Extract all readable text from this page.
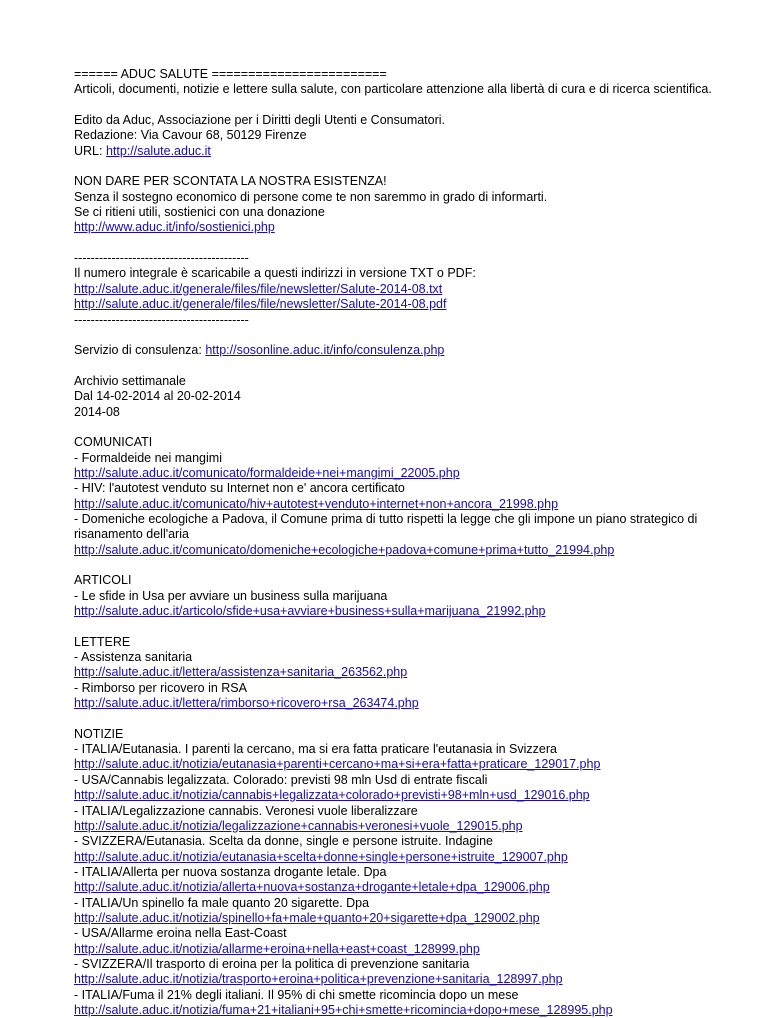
====== ADUC SALUTE ========================
Articoli, documenti, notizie e lettere sulla salute, con particolare attenzione alla libertà di cura e di ricerca scientifica.
Edito da Aduc, Associazione per i Diritti degli Utenti e Consumatori.
Redazione: Via Cavour 68, 50129 Firenze
URL: http://salute.aduc.it
NON DARE PER SCONTATA LA NOSTRA ESISTENZA!
Senza il sostegno economico di persone come te non saremmo in grado di informarti.
Se ci ritieni utili, sostienici con una donazione
http://www.aduc.it/info/sostienici.php
------------------------------------------
Il numero integrale è scaricabile a questi indirizzi in versione TXT o PDF:
http://salute.aduc.it/generale/files/file/newsletter/Salute-2014-08.txt
http://salute.aduc.it/generale/files/file/newsletter/Salute-2014-08.pdf
------------------------------------------
Servizio di consulenza: http://sosonline.aduc.it/info/consulenza.php
Archivio settimanale
Dal 14-02-2014 al 20-02-2014
2014-08
COMUNICATI
- Formaldeide nei mangimi
http://salute.aduc.it/comunicato/formaldeide+nei+mangimi_22005.php
- HIV: l'autotest venduto su Internet non e' ancora certificato
http://salute.aduc.it/comunicato/hiv+autotest+venduto+internet+non+ancora_21998.php
- Domeniche ecologiche a Padova, il Comune prima di tutto rispetti la legge che gli impone un piano strategico di risanamento dell'aria
http://salute.aduc.it/comunicato/domeniche+ecologiche+padova+comune+prima+tutto_21994.php
ARTICOLI
- Le sfide in Usa per avviare un business sulla marijuana
http://salute.aduc.it/articolo/sfide+usa+avviare+business+sulla+marijuana_21992.php
LETTERE
- Assistenza sanitaria
http://salute.aduc.it/lettera/assistenza+sanitaria_263562.php
- Rimborso per ricovero in RSA
http://salute.aduc.it/lettera/rimborso+ricovero+rsa_263474.php
NOTIZIE
- ITALIA/Eutanasia. I parenti la cercano, ma si era fatta praticare l'eutanasia in Svizzera
http://salute.aduc.it/notizia/eutanasia+parenti+cercano+ma+si+era+fatta+praticare_129017.php
- USA/Cannabis legalizzata. Colorado: previsti 98 mln Usd di entrate fiscali
http://salute.aduc.it/notizia/cannabis+legalizzata+colorado+previsti+98+mln+usd_129016.php
- ITALIA/Legalizzazione cannabis. Veronesi vuole liberalizzare
http://salute.aduc.it/notizia/legalizzazione+cannabis+veronesi+vuole_129015.php
- SVIZZERA/Eutanasia. Scelta da donne, single e persone istruite. Indagine
http://salute.aduc.it/notizia/eutanasia+scelta+donne+single+persone+istruite_129007.php
- ITALIA/Allerta per nuova sostanza drogante letale. Dpa
http://salute.aduc.it/notizia/allerta+nuova+sostanza+drogante+letale+dpa_129006.php
- ITALIA/Un spinello fa male quanto 20 sigarette. Dpa
http://salute.aduc.it/notizia/spinello+fa+male+quanto+20+sigarette+dpa_129002.php
- USA/Allarme eroina nella East-Coast
http://salute.aduc.it/notizia/allarme+eroina+nella+east+coast_128999.php
- SVIZZERA/Il trasporto di eroina per la politica di prevenzione sanitaria
http://salute.aduc.it/notizia/trasporto+eroina+politica+prevenzione+sanitaria_128997.php
- ITALIA/Fuma il 21% degli italiani. Il 95% di chi smette ricomincia dopo un mese
http://salute.aduc.it/notizia/fuma+21+italiani+95+chi+smette+ricomincia+dopo+mese_128995.php
